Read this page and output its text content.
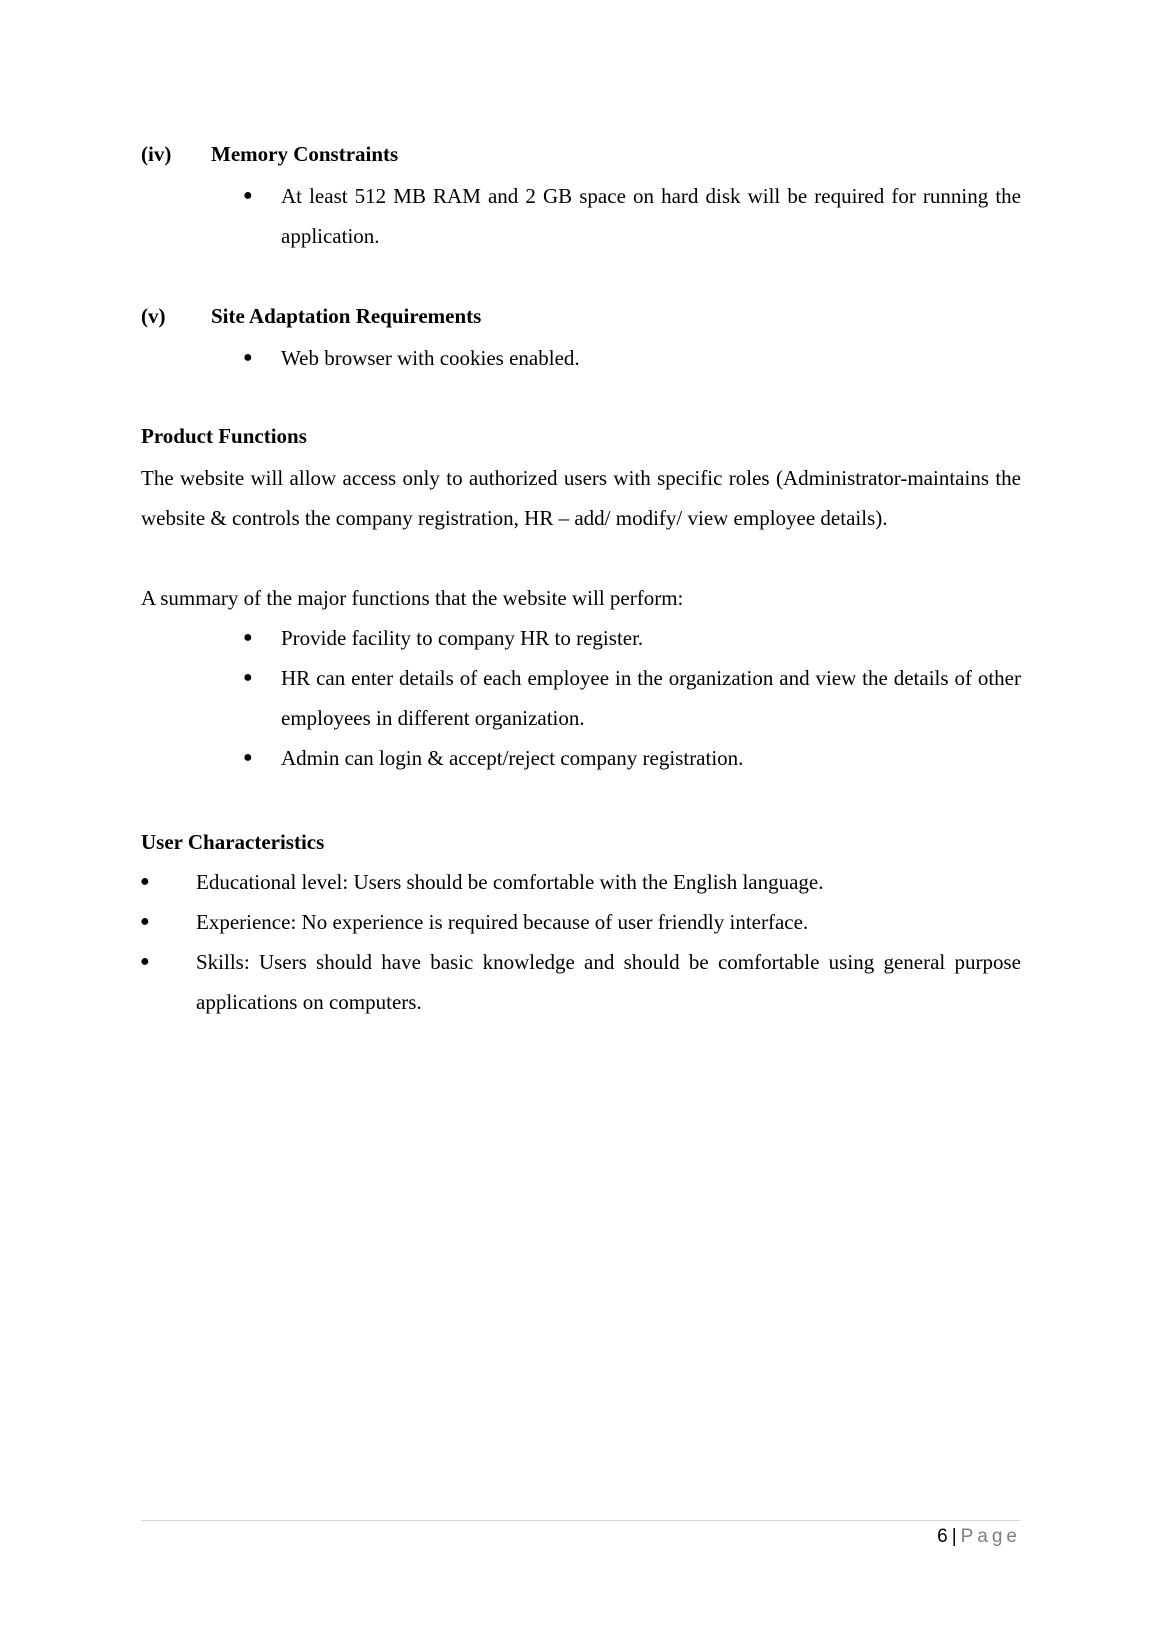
(iv) Memory Constraints
● At least 512 MB RAM and 2 GB space on hard disk will be required for running the application.
(v) Site Adaptation Requirements
● Web browser with cookies enabled.
Product Functions
The website will allow access only to authorized users with specific roles (Administrator-maintains the website & controls the company registration, HR – add/ modify/ view employee details).
A summary of the major functions that the website will perform:
● Provide facility to company HR to register.
● HR can enter details of each employee in the organization and view the details of other employees in different organization.
● Admin can login & accept/reject company registration.
User Characteristics
● Educational level: Users should be comfortable with the English language.
● Experience: No experience is required because of user friendly interface.
● Skills: Users should have basic knowledge and should be comfortable using general purpose applications on computers.
6 | Page
